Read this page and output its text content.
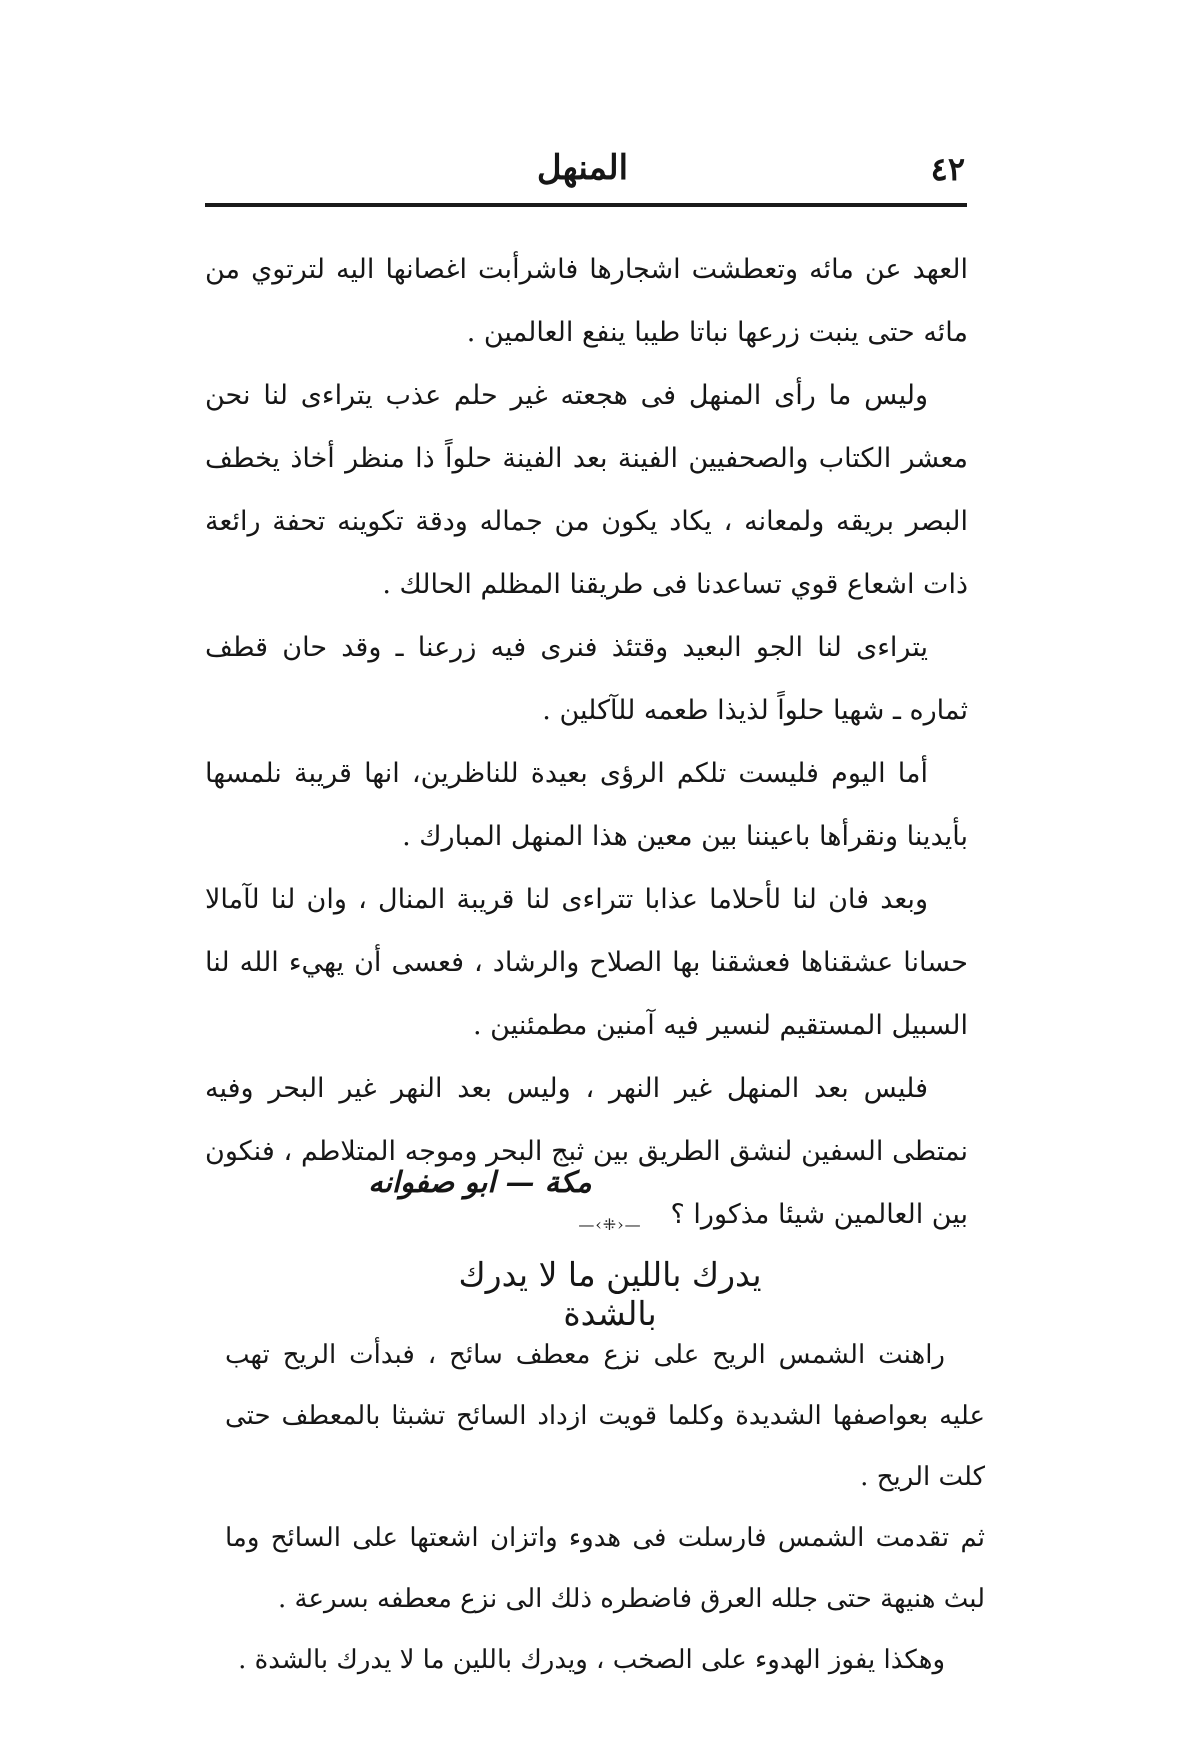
٤٢
المنهل

العهد عن مائه وتعطشت اشجارها فاشرأبت اغصانها اليه لترتوي من مائه حتى ينبت زرعها نباتا طيبا ينفع العالمين .

وليس ما رأى المنهل فى هجعته غير حلم عذب يتراءى لنا نحن معشر الكتاب والصحفيين الفينة بعد الفينة حلواً ذا منظر أخاذ يخطف البصر بريقه ولمعانه ، يكاد يكون من جماله ودقة تكوينه تحفة رائعة ذات اشعاع قوي تساعدنا فى طريقنا المظلم الحالك .

يتراءى لنا الجو البعيد وقتئذ فنرى فيه زرعنا ـ وقد حان قطف ثماره ـ شهيا حلواً لذيذا طعمه للآكلين .

أما اليوم فليست تلكم الرؤى بعيدة للناظرين، انها قريبة نلمسها بأيدينا ونقرأها باعيننا بين معين هذا المنهل المبارك .

وبعد فان لنا لأحلاما عذابا تتراءى لنا قريبة المنال ، وان لنا لآمالا حسانا عشقناها فعشقنا بها الصلاح والرشاد ، فعسى أن يهيء الله لنا السبيل المستقيم لنسير فيه آمنين مطمئنين .

فليس بعد المنهل غير النهر ، وليس بعد النهر غير البحر وفيه نمتطى السفين لنشق الطريق بين ثبج البحر وموجه المتلاطم ، فنكون بين العالمين شيئا مذكورا ؟

مكة — ابو صفوانه
—‹⁜›—
يدرك باللين ما لا يدرك بالشدة

راهنت الشمس الريح على نزع معطف سائح ، فبدأت الريح تهب عليه بعواصفها الشديدة وكلما قويت ازداد السائح تشبثا بالمعطف حتى كلت الريح .

ثم تقدمت الشمس فارسلت فى هدوء واتزان اشعتها على السائح وما لبث هنيهة حتى جلله العرق فاضطره ذلك الى نزع معطفه بسرعة .

وهكذا يفوز الهدوء على الصخب ، ويدرك باللين ما لا يدرك بالشدة .
